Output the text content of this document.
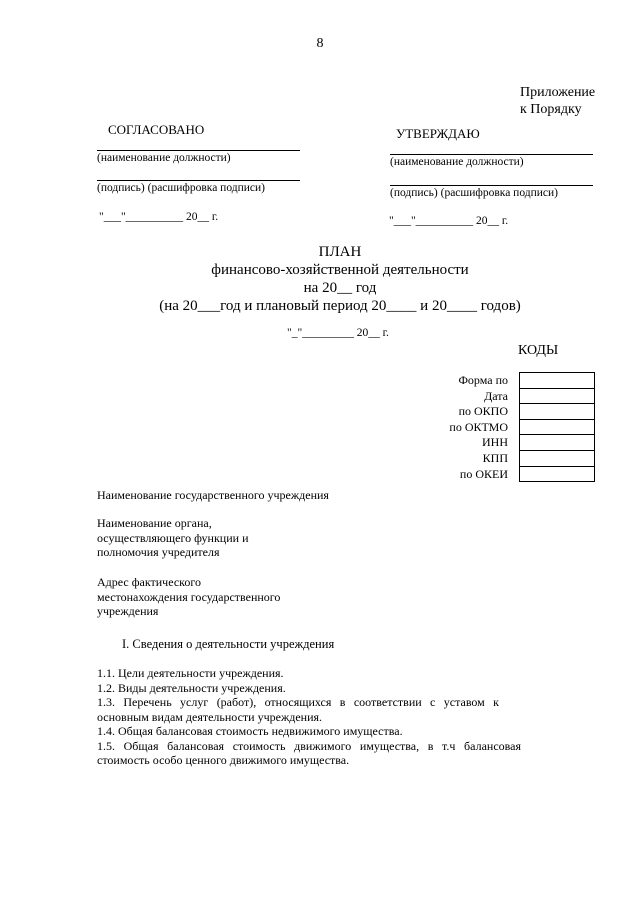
8
Приложение
к Порядку
СОГЛАСОВАНО
(наименование должности)
(подпись) (расшифровка подписи)
"___"__________ 20__ г.
УТВЕРЖДАЮ
(наименование должности)
(подпись) (расшифровка подписи)
"___"__________ 20__ г.
ПЛАН
финансово-хозяйственной деятельности
на 20__ год
(на 20___год и плановый период 20____ и 20____ годов)
"_"_________ 20__ г.
КОДЫ
Форма по
Дата
по ОКПО
по ОКТМО
ИНН
КПП
по ОКЕИ

Наименование государственного учреждения
Наименование органа,
осуществляющего функции и
полномочия учредителя
Адрес фактического
местонахождения государственного
учреждения
I. Сведения о деятельности учреждения

1.1. Цели деятельности учреждения.

1.2. Виды деятельности учреждения.

1.3. Перечень услуг (работ), относящихся в соответствии с уставом к основным видам деятельности учреждения.

1.4. Общая балансовая стоимость недвижимого имущества.

1.5. Общая балансовая стоимость движимого имущества, в т.ч балансовая стоимость особо ценного движимого имущества.
